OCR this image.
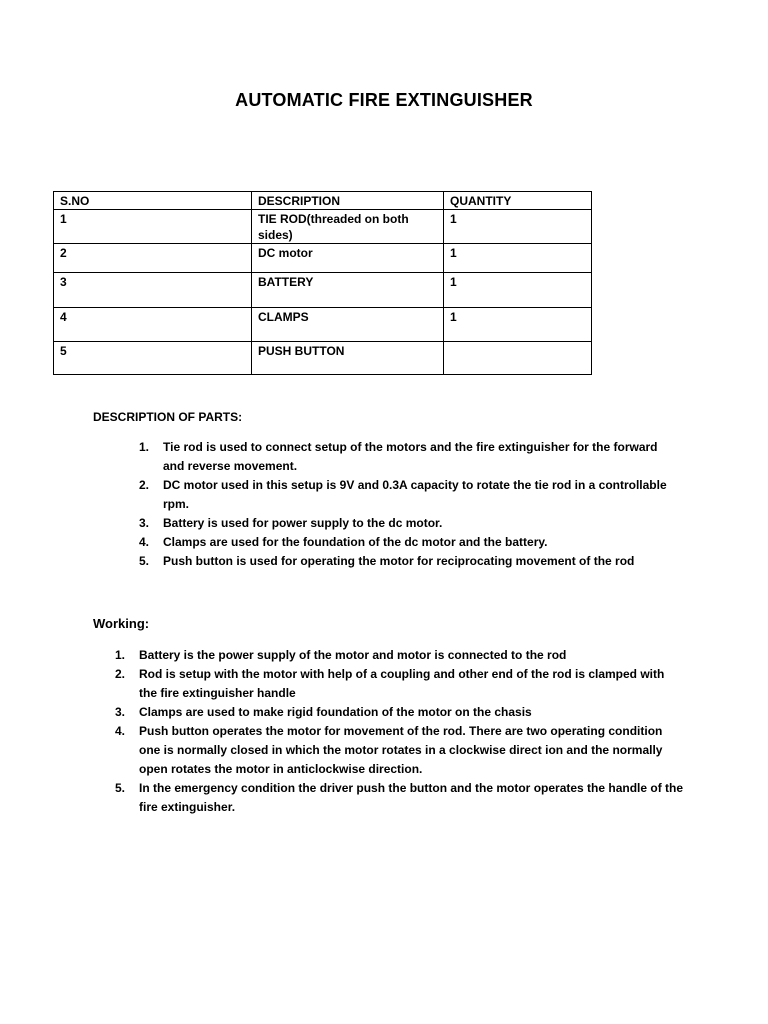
AUTOMATIC FIRE EXTINGUISHER
S.NO	DESCRIPTION	QUANTITY
1	TIE ROD(threaded on both sides)	1
2	DC motor	1
3	BATTERY	1
4	CLAMPS	1
5	PUSH BUTTON	
DESCRIPTION OF PARTS:
1.	Tie rod is used to connect setup of the motors and the fire extinguisher for the forward and reverse movement.
2.	DC motor used in this setup is 9V and 0.3A capacity to rotate the tie rod in a controllable rpm.
3.	Battery is used for power supply to the dc motor.
4.	Clamps are used for the foundation of the dc motor and the battery.
5.	Push button is used for operating the motor for reciprocating movement of the rod
Working:
1.	Battery is the power supply of the motor and motor is connected to the rod
2.	Rod is setup with the motor with help of a coupling and other end of the rod is clamped with the fire extinguisher handle
3.	Clamps are used to make rigid foundation of the motor on the chasis
4.	Push button operates the motor for movement of the rod. There are two operating condition one is normally closed in which the motor rotates in a clockwise direct ion and the normally open rotates the motor in anticlockwise direction.
5.	In the emergency condition the driver push the button and the motor operates the handle of the fire extinguisher.
